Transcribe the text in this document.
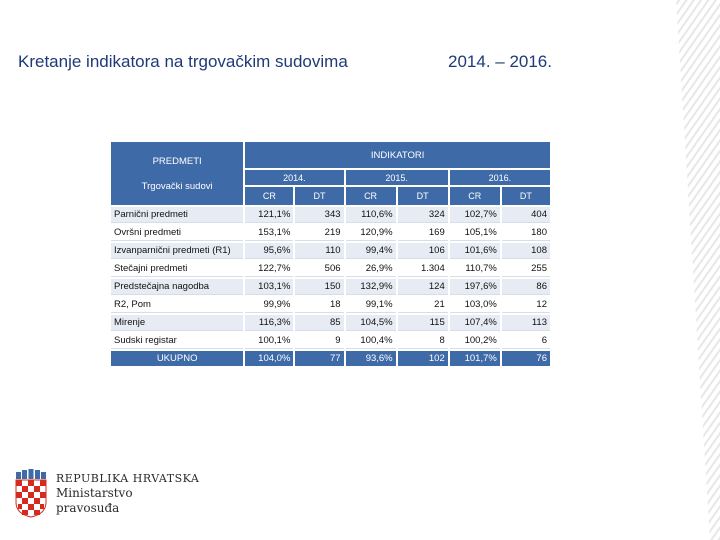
Kretanje indikatora na trgovačkim sudovima	2014. – 2016.
PREDMETI
Trgovački sudovi	INDIKATORI					
	2014.		2015.		2016.	
	CR	DT	CR	DT	CR	DT
Parnični predmeti	121,1%	343	110,6%	324	102,7%	404
Ovršni predmeti	153,1%	219	120,9%	169	105,1%	180
Izvanparnični predmeti (R1)	95,6%	110	99,4%	106	101,6%	108
Stečajni predmeti	122,7%	506	26,9%	1.304	110,7%	255
Predstečajna nagodba	103,1%	150	132,9%	124	197,6%	86
R2, Pom	99,9%	18	99,1%	21	103,0%	12
Mirenje	116,3%	85	104,5%	115	107,4%	113
Sudski registar	100,1%	9	100,4%	8	100,2%	6
UKUPNO	104,0%	77	93,6%	102	101,7%	76
REPUBLIKA HRVATSKA
Ministarstvo
pravosuđa
